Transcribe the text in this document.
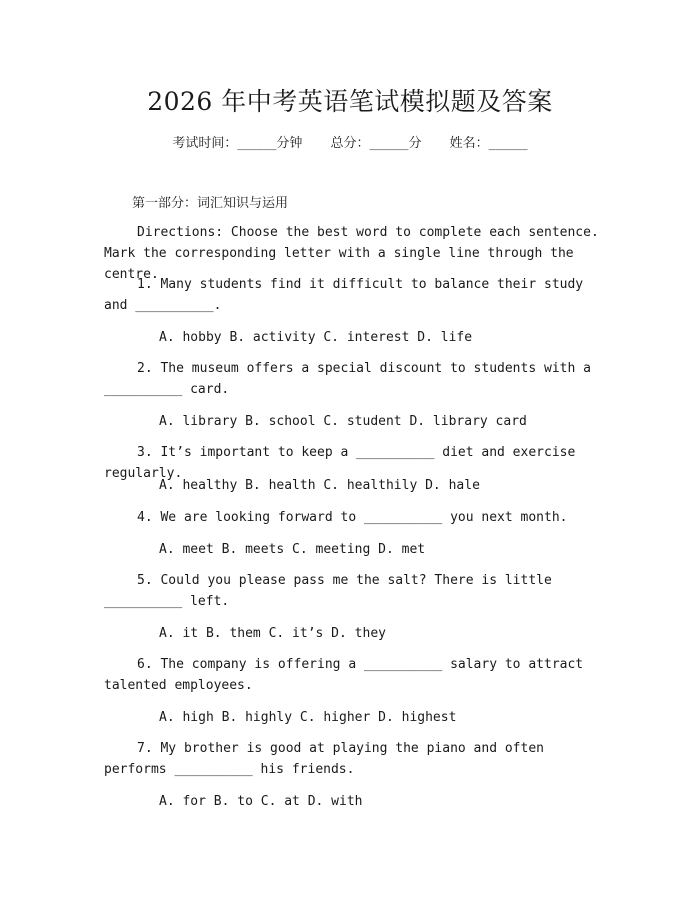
2026 年中考英语笔试模拟题及答案
考试时间：______分钟 总分：______分 姓名：______
第一部分：词汇知识与运用
Directions: Choose the best word to complete each sentence. Mark the corresponding letter with a single line through the centre.
1. Many students find it difficult to balance their study and __________.
A. hobby B. activity C. interest D. life
2. The museum offers a special discount to students with a __________ card.
A. library B. school C. student D. library card
3. It’s important to keep a __________ diet and exercise regularly.
A. healthy B. health C. healthily D. hale
4. We are looking forward to __________ you next month.
A. meet B. meets C. meeting D. met
5. Could you please pass me the salt? There is little __________ left.
A. it B. them C. it’s D. they
6. The company is offering a __________ salary to attract talented employees.
A. high B. highly C. higher D. highest
7. My brother is good at playing the piano and often performs __________ his friends.
A. for B. to C. at D. with
